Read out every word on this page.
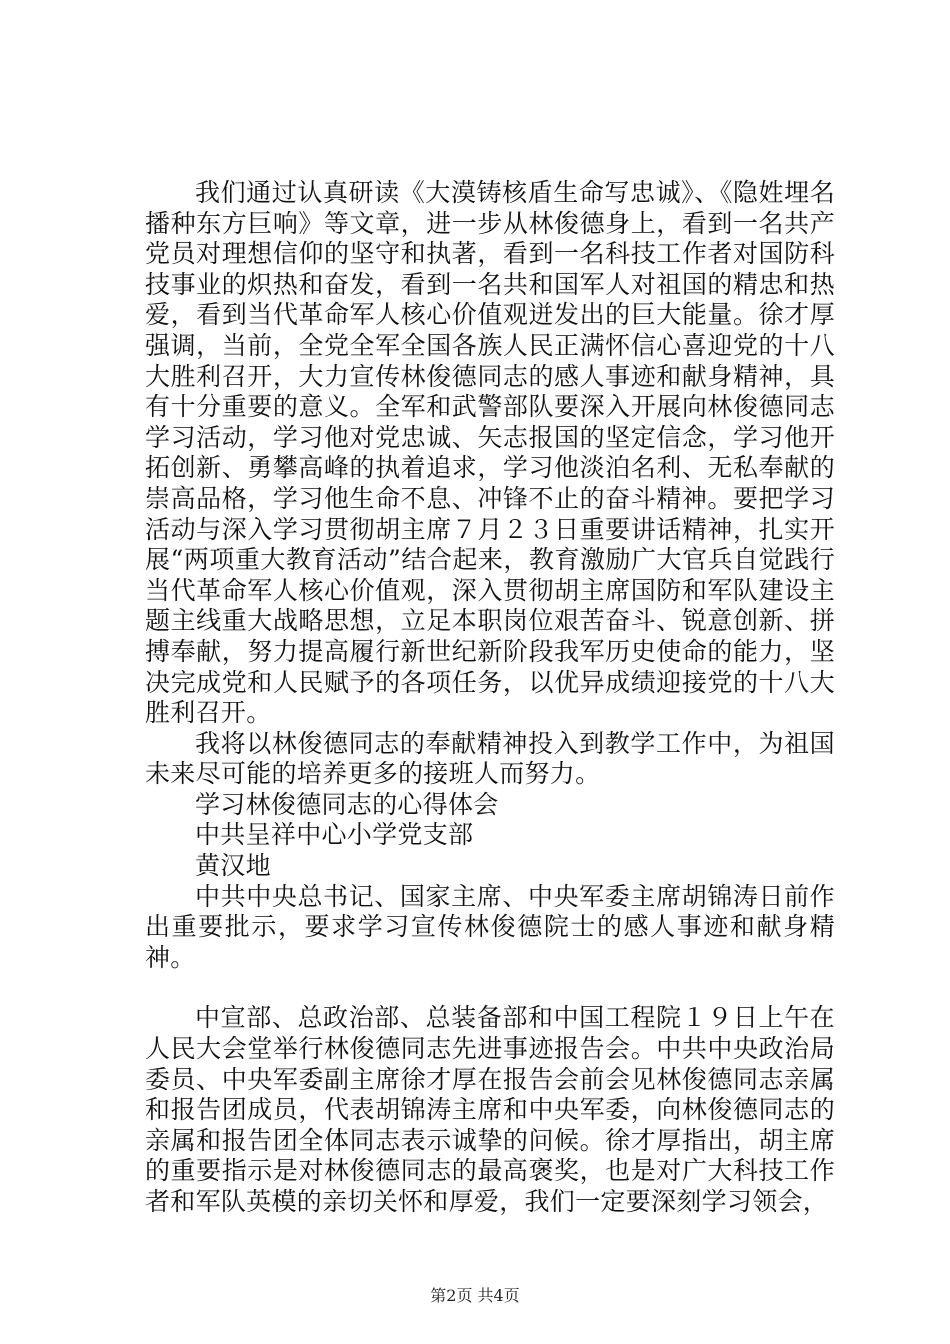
我们通过认真研读《大漠铸核盾生命写忠诚》、《隐姓埋名播种东方巨响》等文章，进一步从林俊德身上，看到一名共产党员对理想信仰的坚守和执著，看到一名科技工作者对国防科技事业的炽热和奋发，看到一名共和国军人对祖国的精忠和热爱，看到当代革命军人核心价值观迸发出的巨大能量。徐才厚强调，当前，全党全军全国各族人民正满怀信心喜迎党的十八大胜利召开，大力宣传林俊德同志的感人事迹和献身精神，具有十分重要的意义。全军和武警部队要深入开展向林俊德同志学习活动，学习他对党忠诚、矢志报国的坚定信念，学习他开拓创新、勇攀高峰的执着追求，学习他淡泊名利、无私奉献的崇高品格，学习他生命不息、冲锋不止的奋斗精神。要把学习活动与深入学习贯彻胡主席７月２３日重要讲话精神，扎实开展“两项重大教育活动”结合起来，教育激励广大官兵自觉践行当代革命军人核心价值观，深入贯彻胡主席国防和军队建设主题主线重大战略思想，立足本职岗位艰苦奋斗、锐意创新、拼搏奉献，努力提高履行新世纪新阶段我军历史使命的能力，坚决完成党和人民赋予的各项任务，以优异成绩迎接党的十八大胜利召开。

我将以林俊德同志的奉献精神投入到教学工作中，为祖国未来尽可能的培养更多的接班人而努力。

学习林俊德同志的心得体会

中共呈祥中心小学党支部

黄汉地

中共中央总书记、国家主席、中央军委主席胡锦涛日前作出重要批示，要求学习宣传林俊德院士的感人事迹和献身精神。

中宣部、总政治部、总装备部和中国工程院１９日上午在人民大会堂举行林俊德同志先进事迹报告会。中共中央政治局委员、中央军委副主席徐才厚在报告会前会见林俊德同志亲属和报告团成员，代表胡锦涛主席和中央军委，向林俊德同志的亲属和报告团全体同志表示诚挚的问候。徐才厚指出，胡主席的重要指示是对林俊德同志的最高褒奖，也是对广大科技工作者和军队英模的亲切关怀和厚爱，我们一定要深刻学习领会，

第2页 共4页
